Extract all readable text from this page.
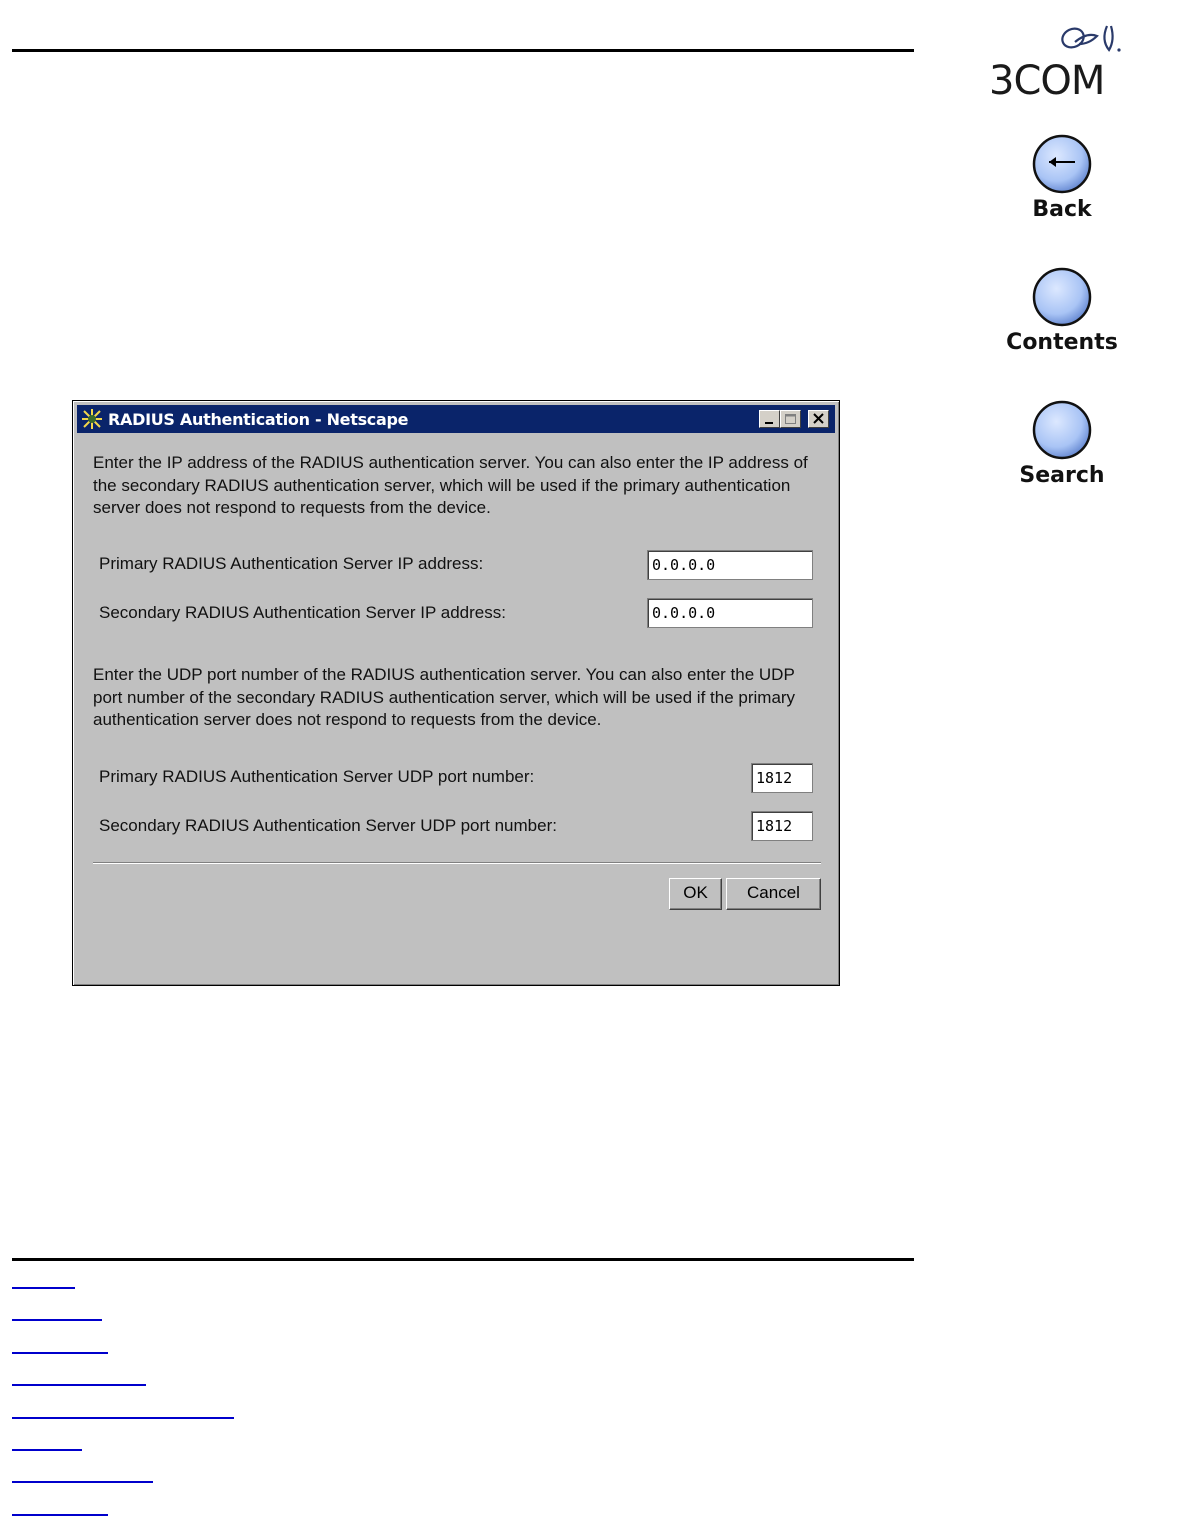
3COM
Back
Contents
Search
RADIUS Authentication - Netscape
Enter the IP address of the RADIUS authentication server. You can also enter the IP address of the secondary RADIUS authentication server, which will be used if the primary authentication server does not respond to requests from the device.
Primary RADIUS Authentication Server IP address:	0.0.0.0
Secondary RADIUS Authentication Server IP address:	0.0.0.0
Enter the UDP port number of the RADIUS authentication server. You can also enter the UDP port number of the secondary RADIUS authentication server, which will be used if the primary authentication server does not respond to requests from the device.
Primary RADIUS Authentication Server UDP port number:	1812
Secondary RADIUS Authentication Server UDP port number:	1812
OK	Cancel
